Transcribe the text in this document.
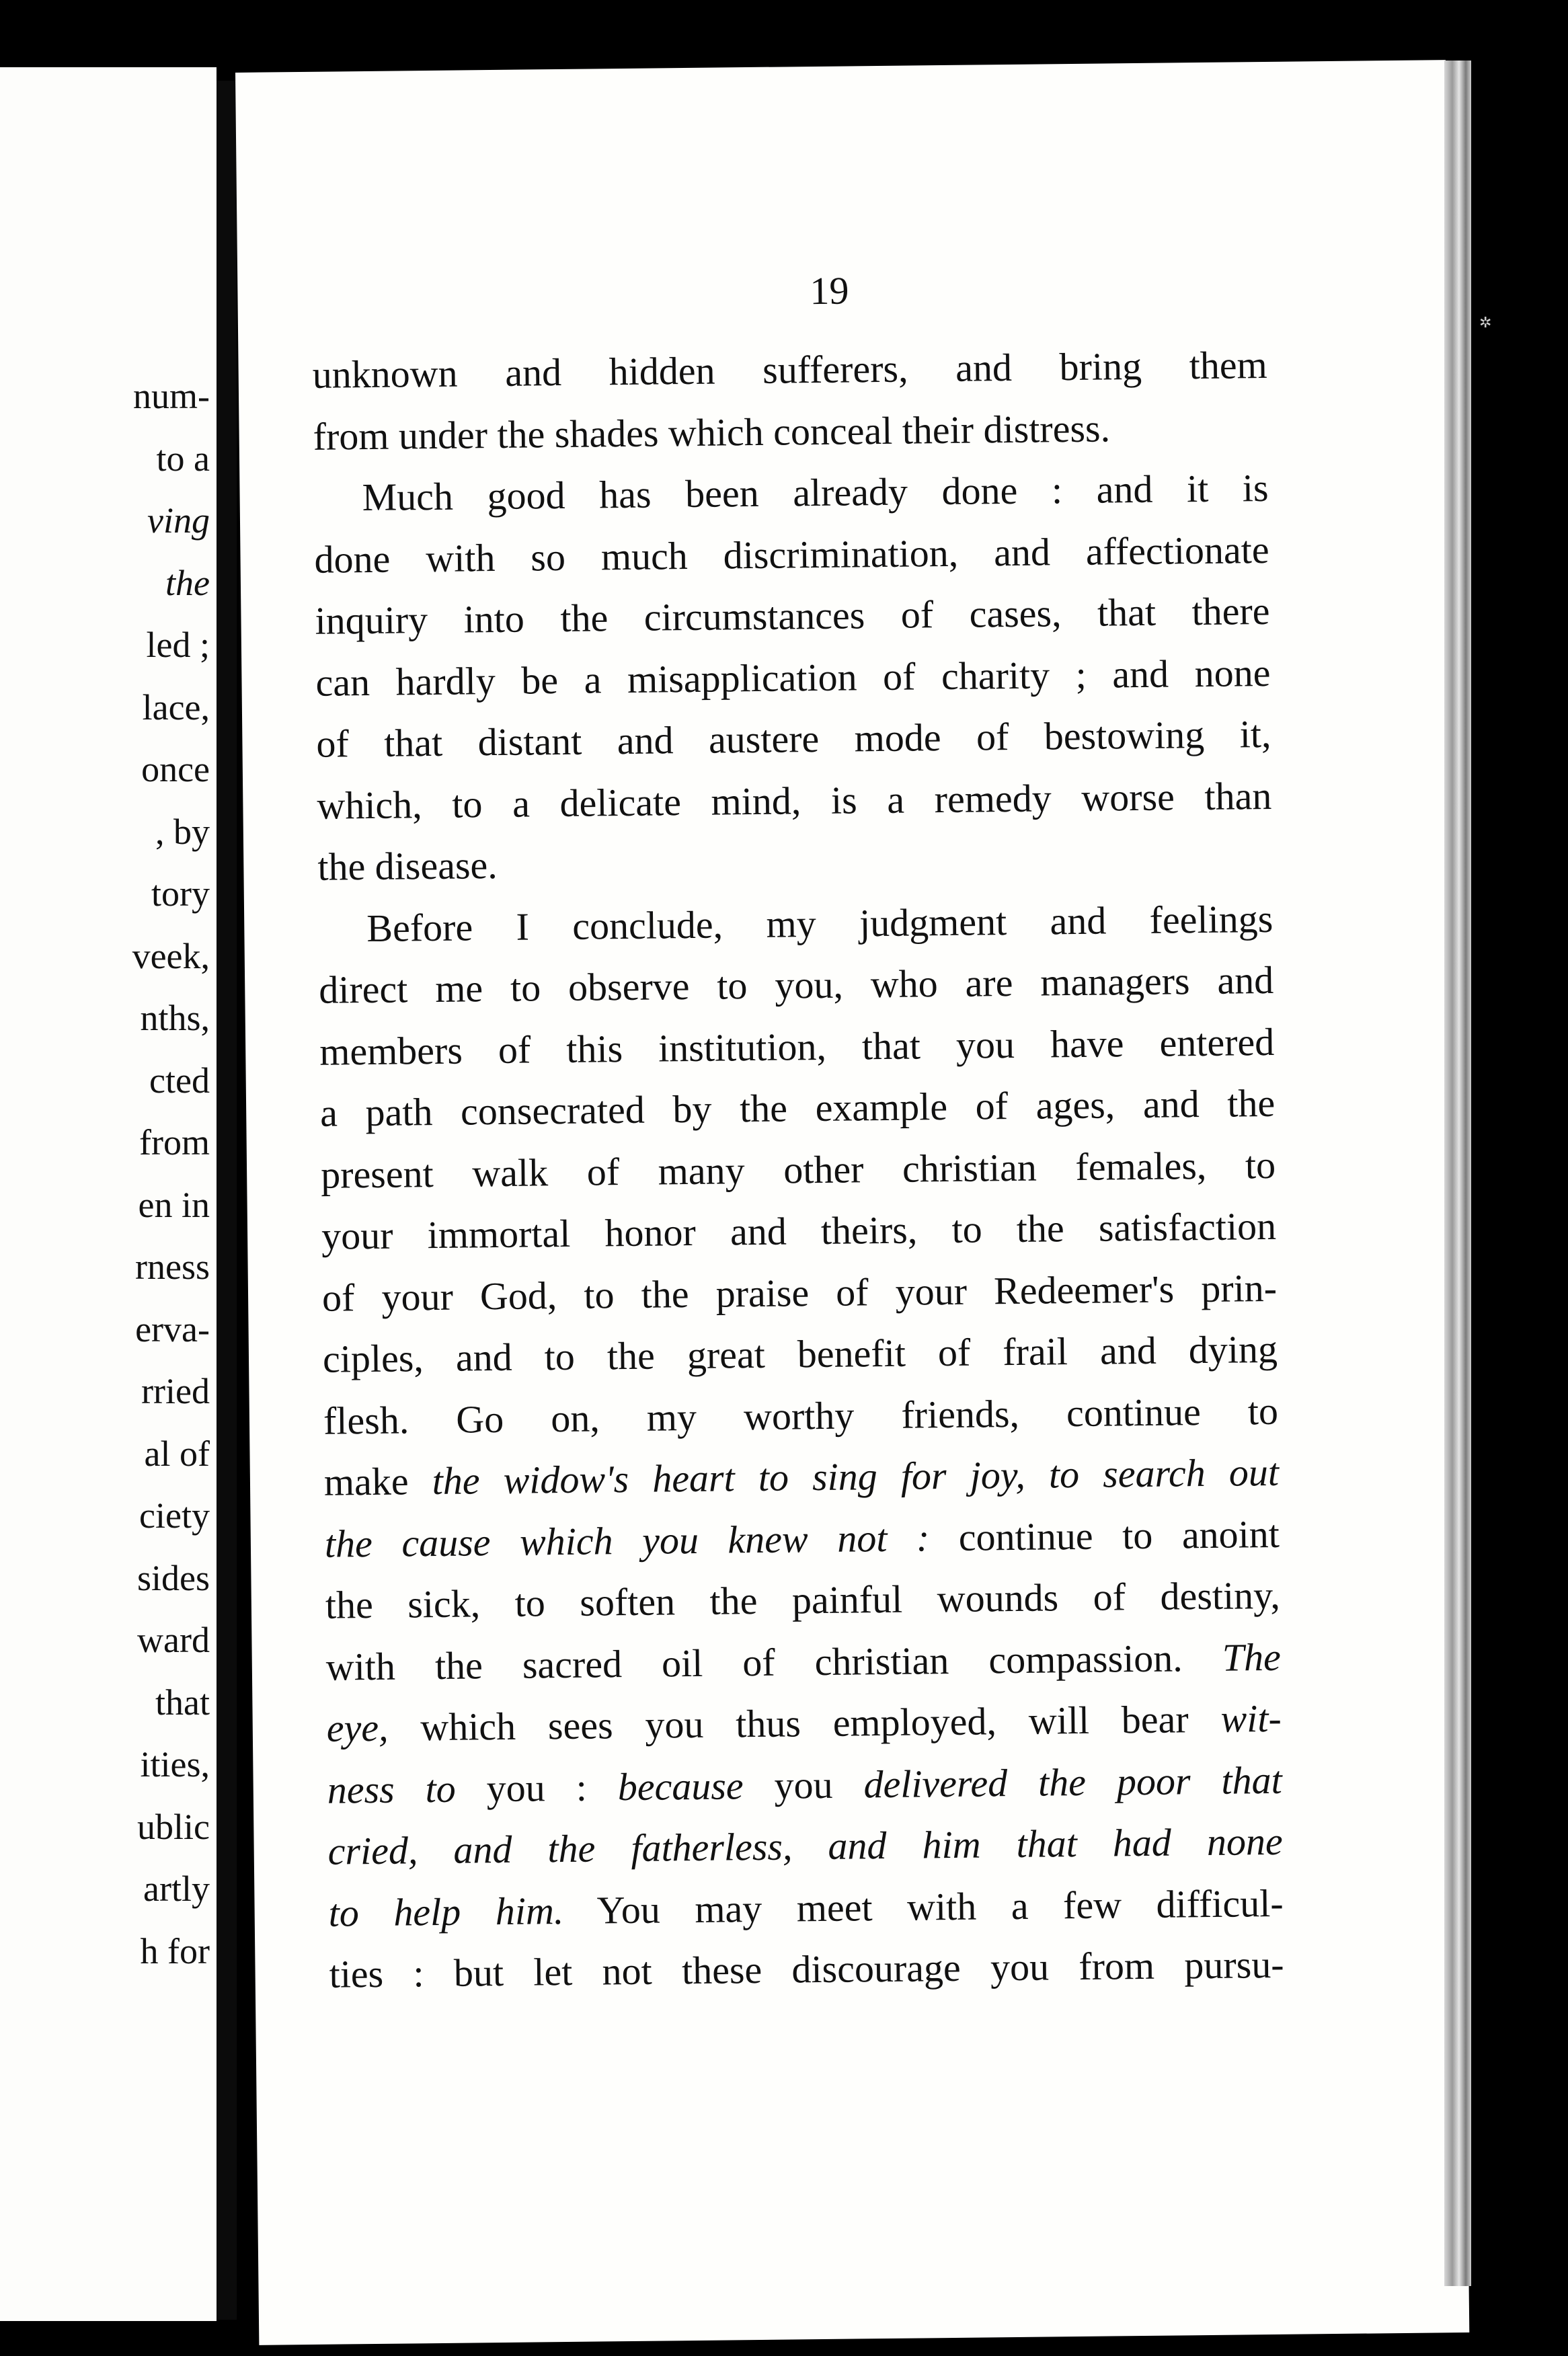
num-
to a
ving
the
led ;
lace,
once
, by
tory
veek,
nths,
cted
from
en in
rness
erva-
rried
al of
ciety
sides
ward
that
ities,
ublic
artly
h for
19
unknown and hidden sufferers, and bring them
from under the shades which conceal their distress.
Much good has been already done : and it is
done with so much discrimination, and affectionate
inquiry into the circumstances of cases, that there
can hardly be a misapplication of charity ; and none
of that distant and austere mode of bestowing it,
which, to a delicate mind, is a remedy worse than
the disease.
Before I conclude, my judgment and feelings
direct me to observe to you, who are managers and
members of this institution, that you have entered
a path consecrated by the example of ages, and the
present walk of many other christian females, to
your immortal honor and theirs, to the satisfaction
of your God, to the praise of your Redeemer's prin-
ciples, and to the great benefit of frail and dying
flesh. Go on, my worthy friends, continue to
make the widow's heart to sing for joy, to search out
the cause which you knew not : continue to anoint
the sick, to soften the painful wounds of destiny,
with the sacred oil of christian compassion. The
eye, which sees you thus employed, will bear wit-
ness to you : because you delivered the poor that
cried, and the fatherless, and him that had none
to help him. You may meet with a few difficul-
ties : but let not these discourage you from pursu-
✲
